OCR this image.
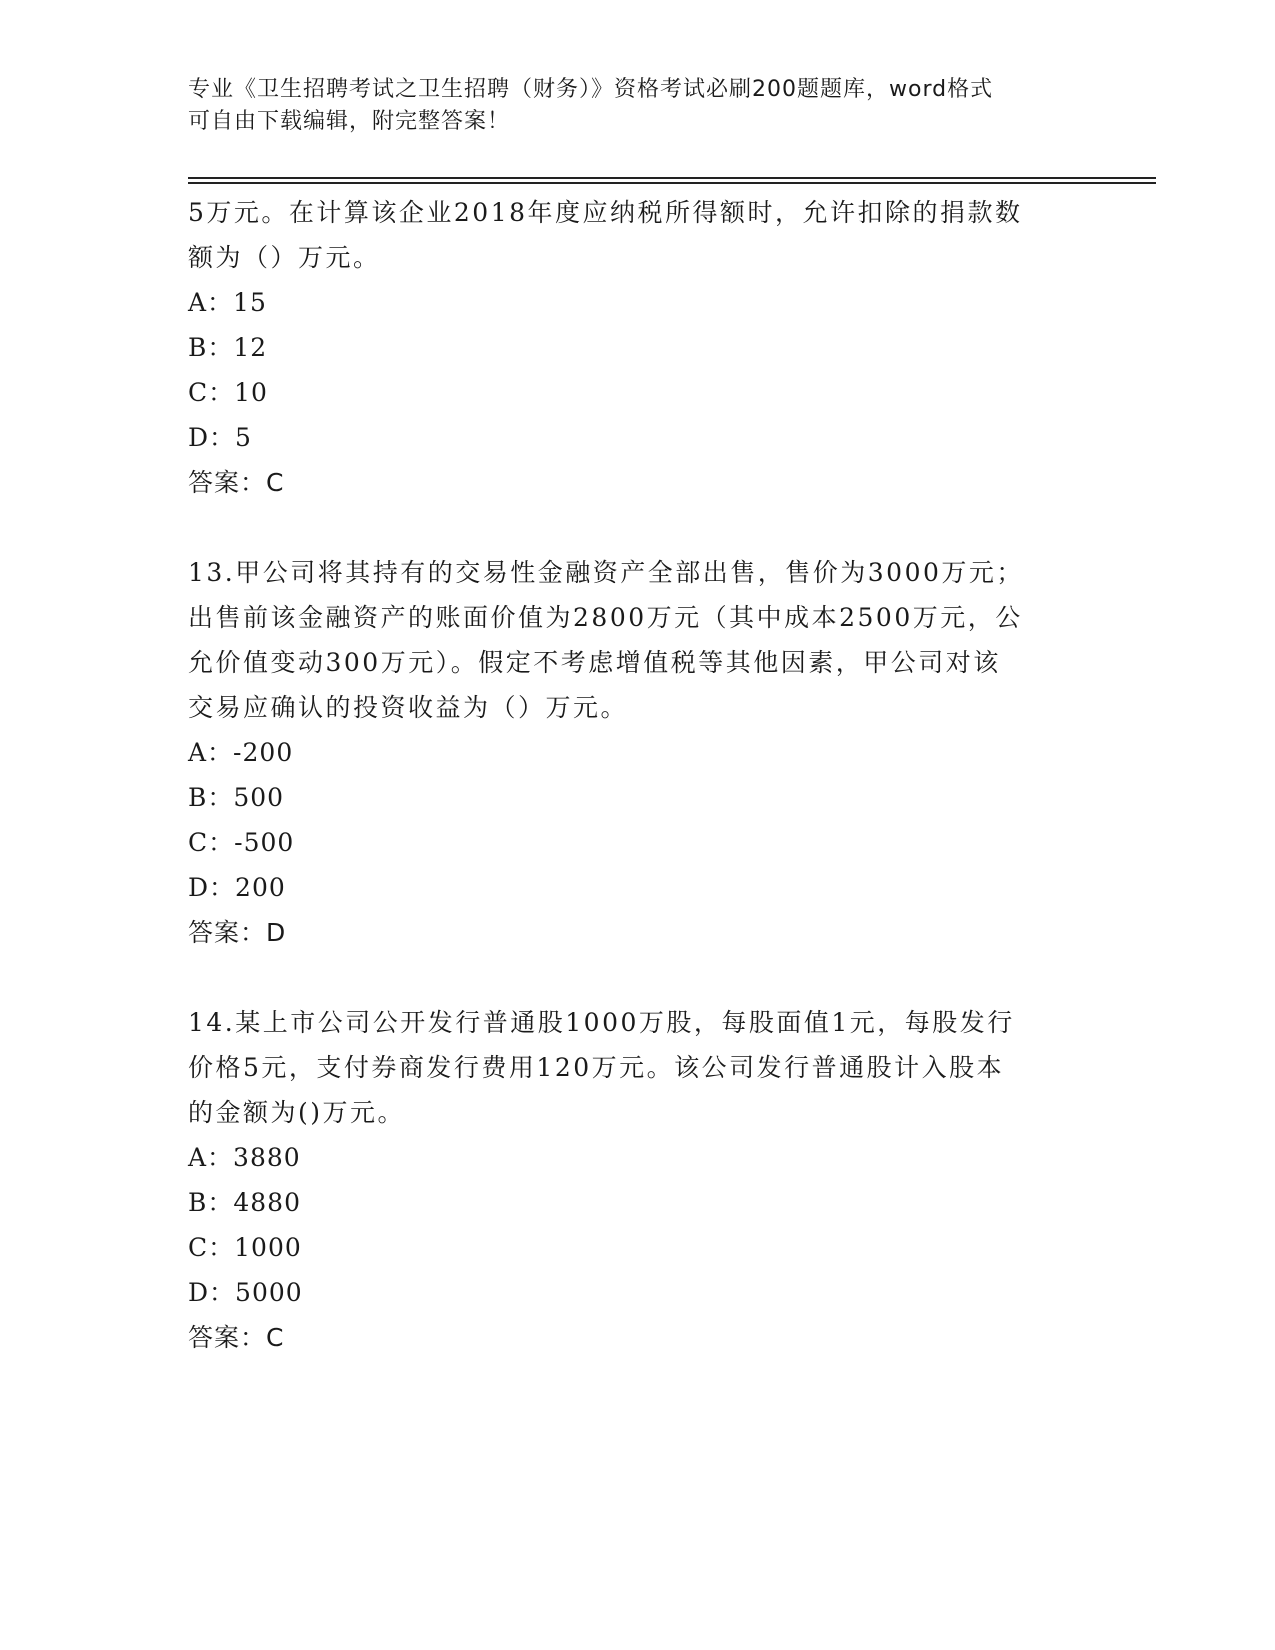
专业《卫生招聘考试之卫生招聘（财务）》资格考试必刷200题题库，word格式
可自由下载编辑，附完整答案！
5万元。在计算该企业2018年度应纳税所得额时，允许扣除的捐款数
额为（）万元。
A：15
B：12
C：10
D：5
答案：C
13.甲公司将其持有的交易性金融资产全部出售，售价为3000万元；
出售前该金融资产的账面价值为2800万元（其中成本2500万元，公
允价值变动300万元）。假定不考虑增值税等其他因素，甲公司对该
交易应确认的投资收益为（）万元。
A：-200
B：500
C：-500
D：200
答案：D
14.某上市公司公开发行普通股1000万股，每股面值1元，每股发行
价格5元，支付券商发行费用120万元。该公司发行普通股计入股本
的金额为()万元。
A：3880
B：4880
C：1000
D：5000
答案：C
